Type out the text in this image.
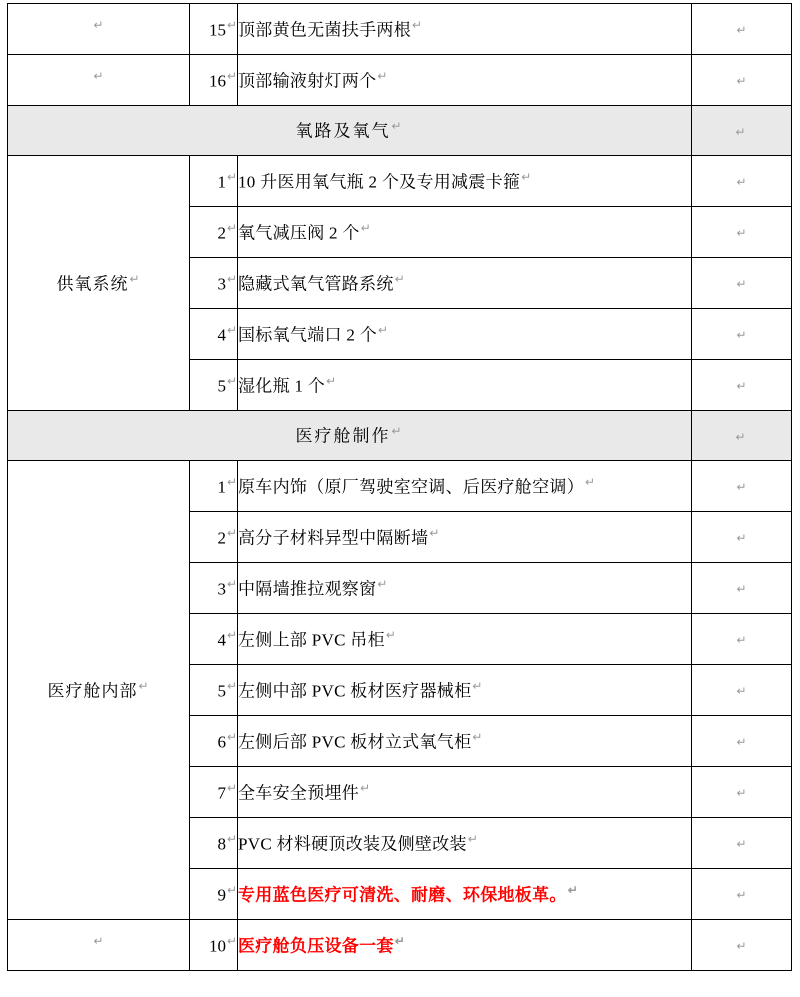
↵	15↵	顶部黄色无菌扶手两根↵	↵
↵	16↵	顶部输液射灯两个↵	↵
氧路及氧气↵			↵
供氧系统↵	1↵	10 升医用氧气瓶 2 个及专用减震卡箍↵	↵
	2↵	氧气减压阀 2 个↵	↵
	3↵	隐藏式氧气管路系统↵	↵
	4↵	国标氧气端口 2 个↵	↵
	5↵	湿化瓶 1 个↵	↵
医疗舱制作↵			↵
医疗舱内部↵	1↵	原车内饰（原厂驾驶室空调、后医疗舱空调）↵	↵
	2↵	高分子材料异型中隔断墙↵	↵
	3↵	中隔墙推拉观察窗↵	↵
	4↵	左侧上部 PVC 吊柜↵	↵
	5↵	左侧中部 PVC 板材医疗器械柜↵	↵
	6↵	左侧后部 PVC 板材立式氧气柜↵	↵
	7↵	全车安全预埋件↵	↵
	8↵	PVC 材料硬顶改装及侧壁改装↵	↵
	9↵	专用蓝色医疗可清洗、耐磨、环保地板革。↵	↵
↵	10↵	医疗舱负压设备一套↵	↵
